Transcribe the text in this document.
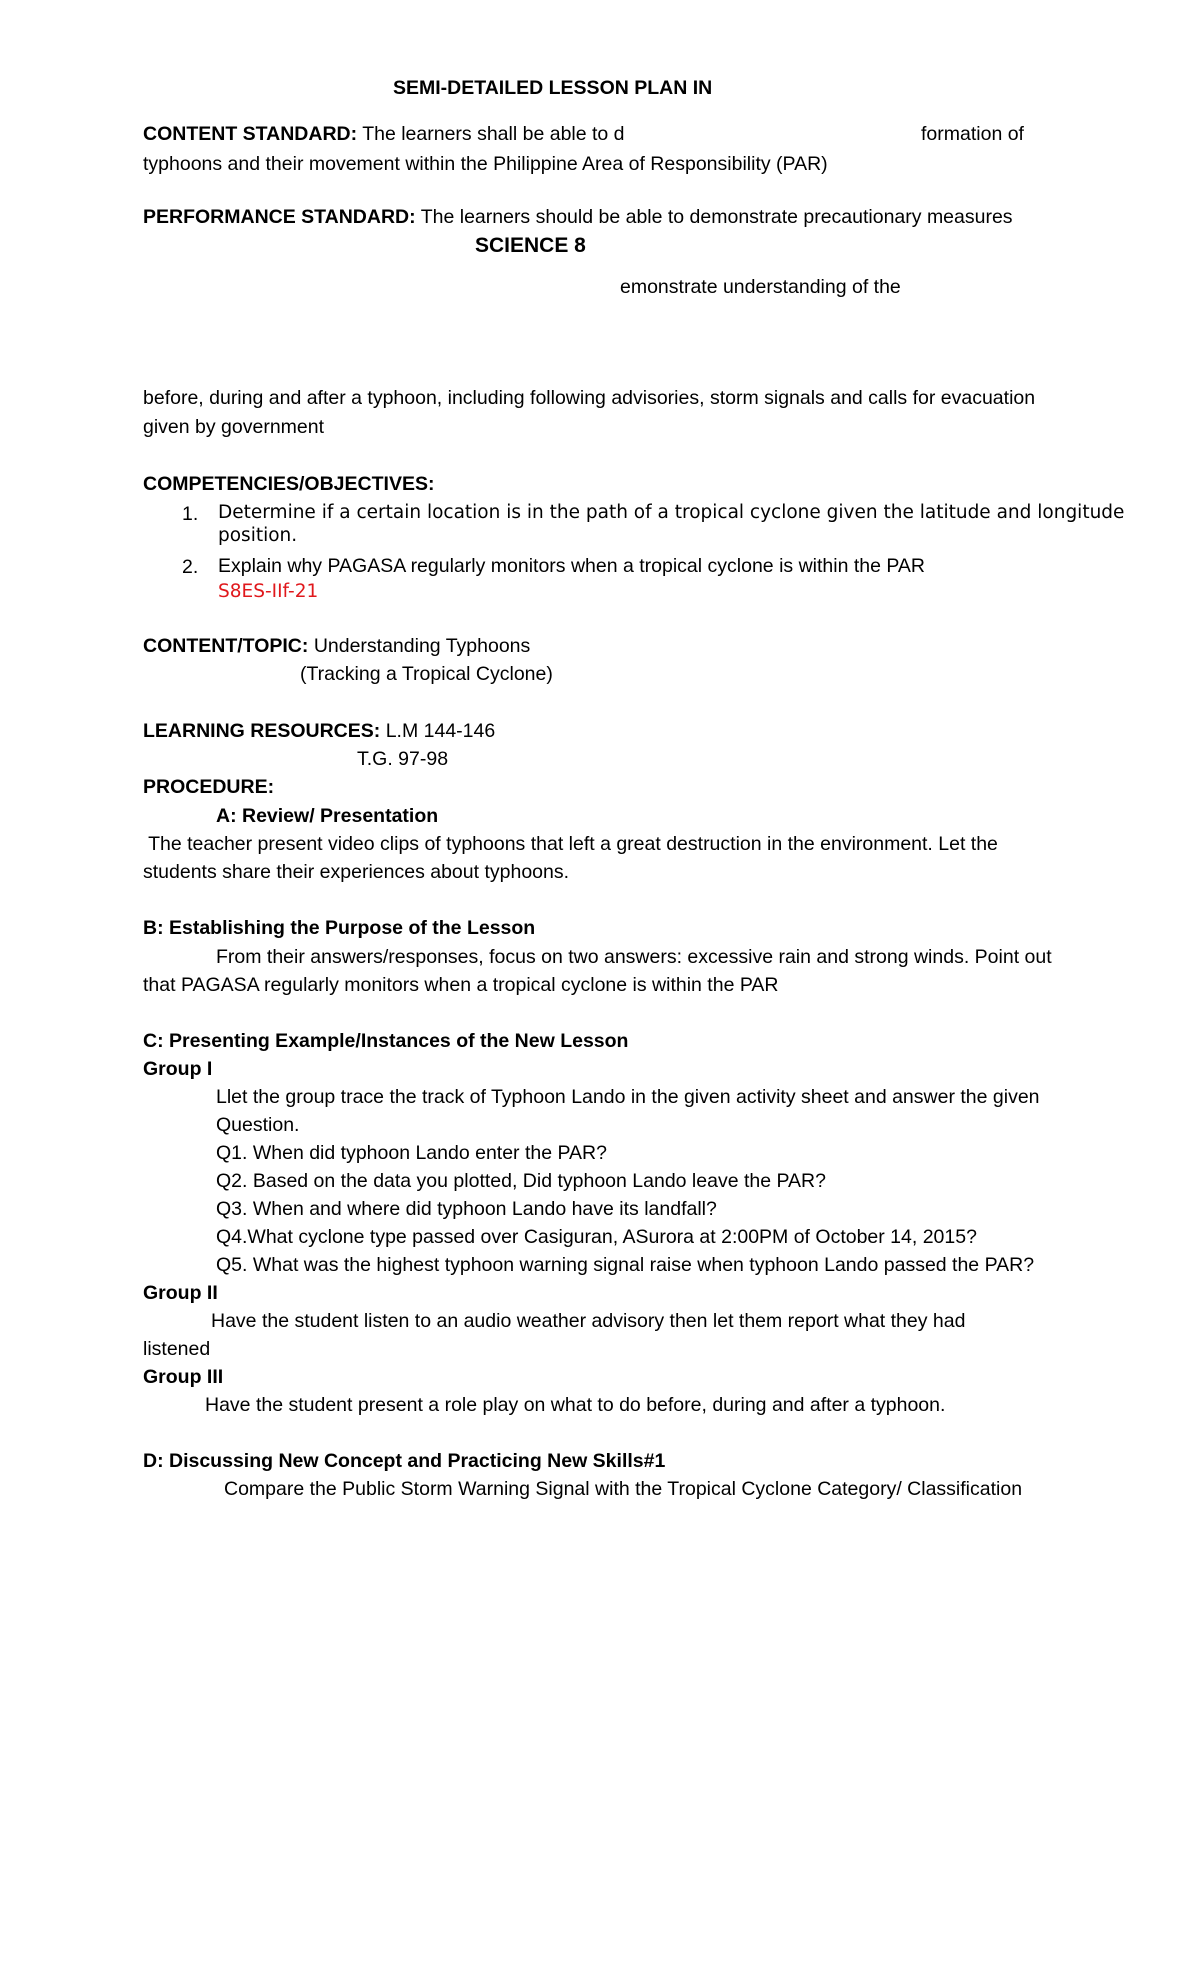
SEMI-DETAILED LESSON PLAN IN
CONTENT STANDARD: The learners shall be able to d	formation of
typhoons and their movement within the Philippine Area of Responsibility (PAR)
PERFORMANCE STANDARD: The learners should be able to demonstrate precautionary measures
SCIENCE 8
emonstrate understanding of the
before, during and after a typhoon, including following advisories, storm signals and calls for evacuation
given by government
COMPETENCIES/OBJECTIVES:
1. Determine if a certain location is in the path of a tropical cyclone given the latitude and longitude
position.
2. Explain why PAGASA regularly monitors when a tropical cyclone is within the PAR
S8ES-IIf-21
CONTENT/TOPIC: Understanding Typhoons
(Tracking a Tropical Cyclone)
LEARNING RESOURCES: L.M 144-146
T.G. 97-98
PROCEDURE:
A: Review/ Presentation
The teacher present video clips of typhoons that left a great destruction in the environment. Let the
students share their experiences about typhoons.
B: Establishing the Purpose of the Lesson
From their answers/responses, focus on two answers: excessive rain and strong winds. Point out
that PAGASA regularly monitors when a tropical cyclone is within the PAR
C: Presenting Example/Instances of the New Lesson
Group I
Llet the group trace the track of Typhoon Lando in the given activity sheet and answer the given
Question.
Q1. When did typhoon Lando enter the PAR?
Q2. Based on the data you plotted, Did typhoon Lando leave the PAR?
Q3. When and where did typhoon Lando have its landfall?
Q4.What cyclone type passed over Casiguran, ASurora at 2:00PM of October 14, 2015?
Q5. What was the highest typhoon warning signal raise when typhoon Lando passed the PAR?
Group II
Have the student listen to an audio weather advisory then let them report what they had
listened
Group III
Have the student present a role play on what to do before, during and after a typhoon.
D: Discussing New Concept and Practicing New Skills#1
Compare the Public Storm Warning Signal with the Tropical Cyclone Category/ Classification
